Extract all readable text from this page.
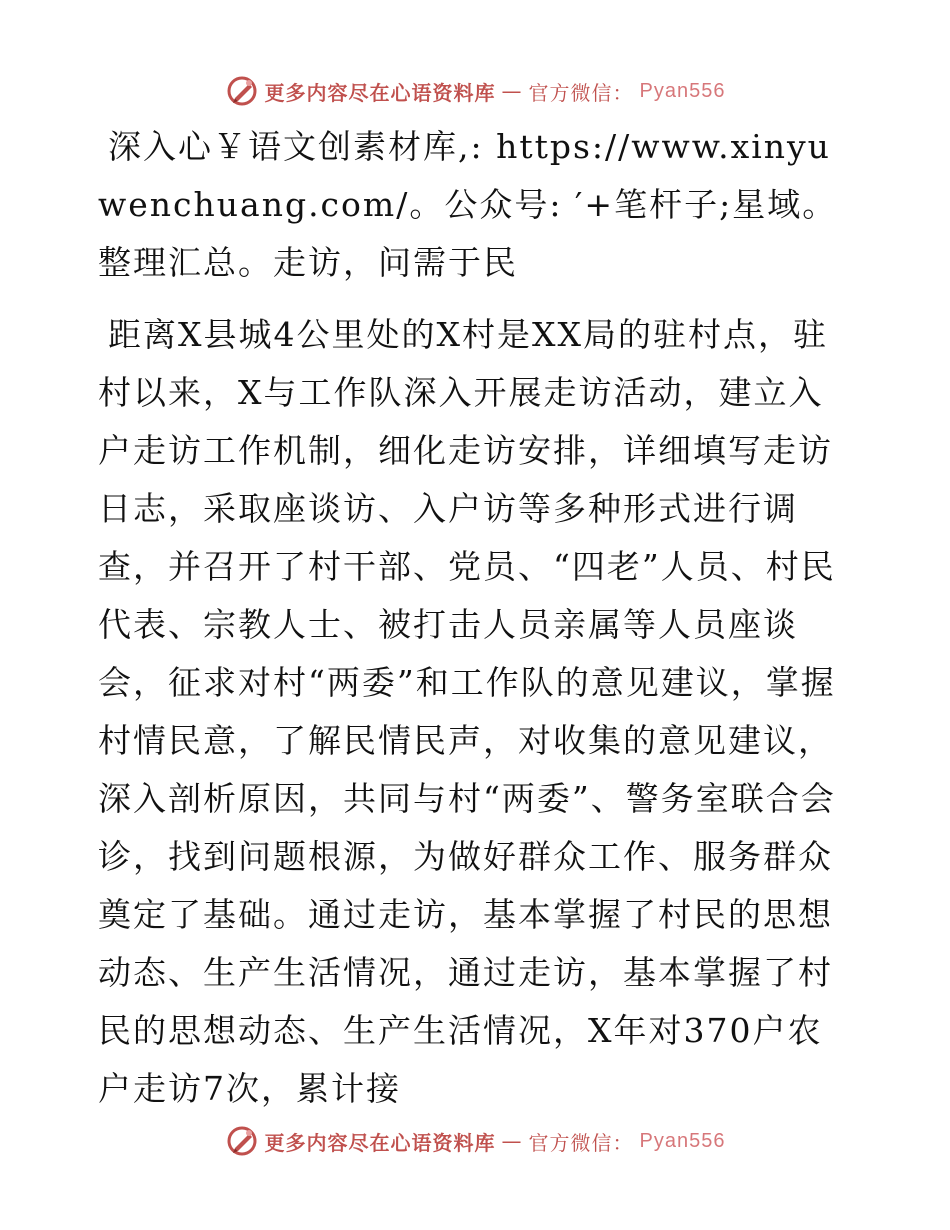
更多内容尽在心语资料库 — 官方微信： Pyan556

深入心￥语文创素材库,: https://www.xinyuwenchuang.com/。公众号: ′+笔杆子;星域。整理汇总。走访，问需于民

距离X县城4公里处的X村是XX局的驻村点，驻村以来，X与工作队深入开展走访活动，建立入户走访工作机制，细化走访安排，详细填写走访日志，采取座谈访、入户访等多种形式进行调查，并召开了村干部、党员、“四老”人员、村民代表、宗教人士、被打击人员亲属等人员座谈会，征求对村“两委”和工作队的意见建议，掌握村情民意，了解民情民声，对收集的意见建议，深入剖析原因，共同与村“两委”、警务室联合会诊，找到问题根源，为做好群众工作、服务群众奠定了基础。通过走访，基本掌握了村民的思想动态、生产生活情况，通过走访，基本掌握了村民的思想动态、生产生活情况，X年对370户农户走访7次，累计接

更多内容尽在心语资料库 — 官方微信： Pyan556
